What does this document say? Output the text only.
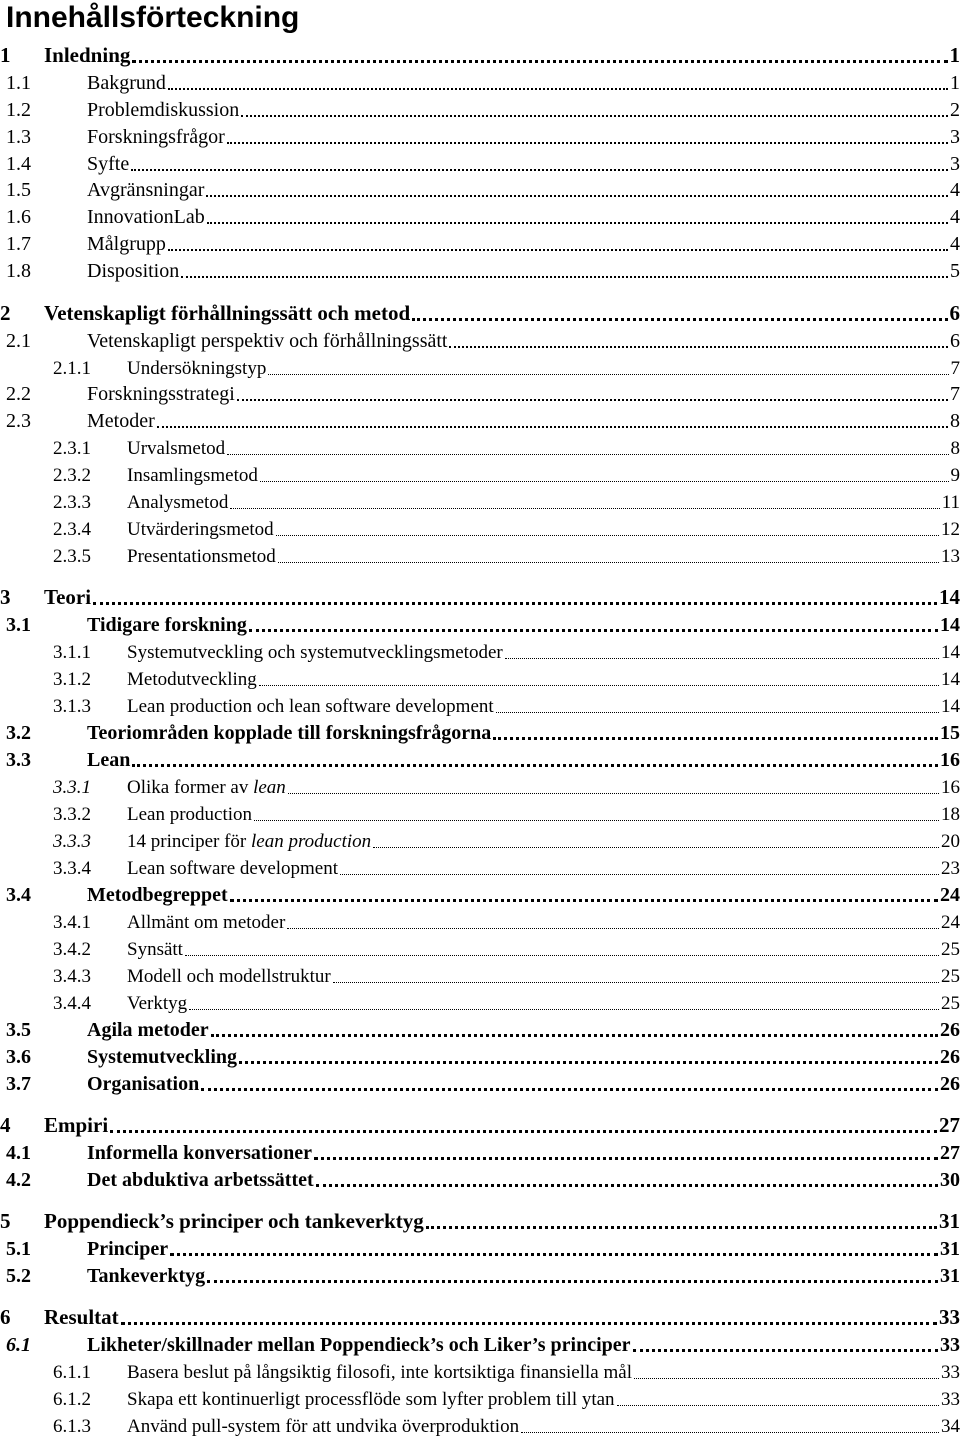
Innehållsförteckning
1	Inledning	1
1.1	Bakgrund	1
1.2	Problemdiskussion	2
1.3	Forskningsfrågor	3
1.4	Syfte	3
1.5	Avgränsningar	4
1.6	InnovationLab	4
1.7	Målgrupp	4
1.8	Disposition	5
2	Vetenskapligt förhållningssätt och metod	6
2.1	Vetenskapligt perspektiv och förhållningssätt	6
2.1.1	Undersökningstyp	7
2.2	Forskningsstrategi	7
2.3	Metoder	8
2.3.1	Urvalsmetod	8
2.3.2	Insamlingsmetod	9
2.3.3	Analysmetod	11
2.3.4	Utvärderingsmetod	12
2.3.5	Presentationsmetod	13
3	Teori	14
3.1	Tidigare forskning	14
3.1.1	Systemutveckling och systemutvecklingsmetoder	14
3.1.2	Metodutveckling	14
3.1.3	Lean production och lean software development	14
3.2	Teoriområden kopplade till forskningsfrågorna	15
3.3	Lean	16
3.3.1	Olika former av lean	16
3.3.2	Lean production	18
3.3.3	14 principer för lean production	20
3.3.4	Lean software development	23
3.4	Metodbegreppet	24
3.4.1	Allmänt om metoder	24
3.4.2	Synsätt	25
3.4.3	Modell och modellstruktur	25
3.4.4	Verktyg	25
3.5	Agila metoder	26
3.6	Systemutveckling	26
3.7	Organisation	26
4	Empiri	27
4.1	Informella konversationer	27
4.2	Det abduktiva arbetssättet	30
5	Poppendieck’s principer och tankeverktyg	31
5.1	Principer	31
5.2	Tankeverktyg	31
6	Resultat	33
6.1	Likheter/skillnader mellan Poppendieck’s och Liker’s principer	33
6.1.1	Basera beslut på långsiktig filosofi, inte kortsiktiga finansiella mål	33
6.1.2	Skapa ett kontinuerligt processflöde som lyfter problem till ytan	33
6.1.3	Använd pull-system för att undvika överproduktion	34
